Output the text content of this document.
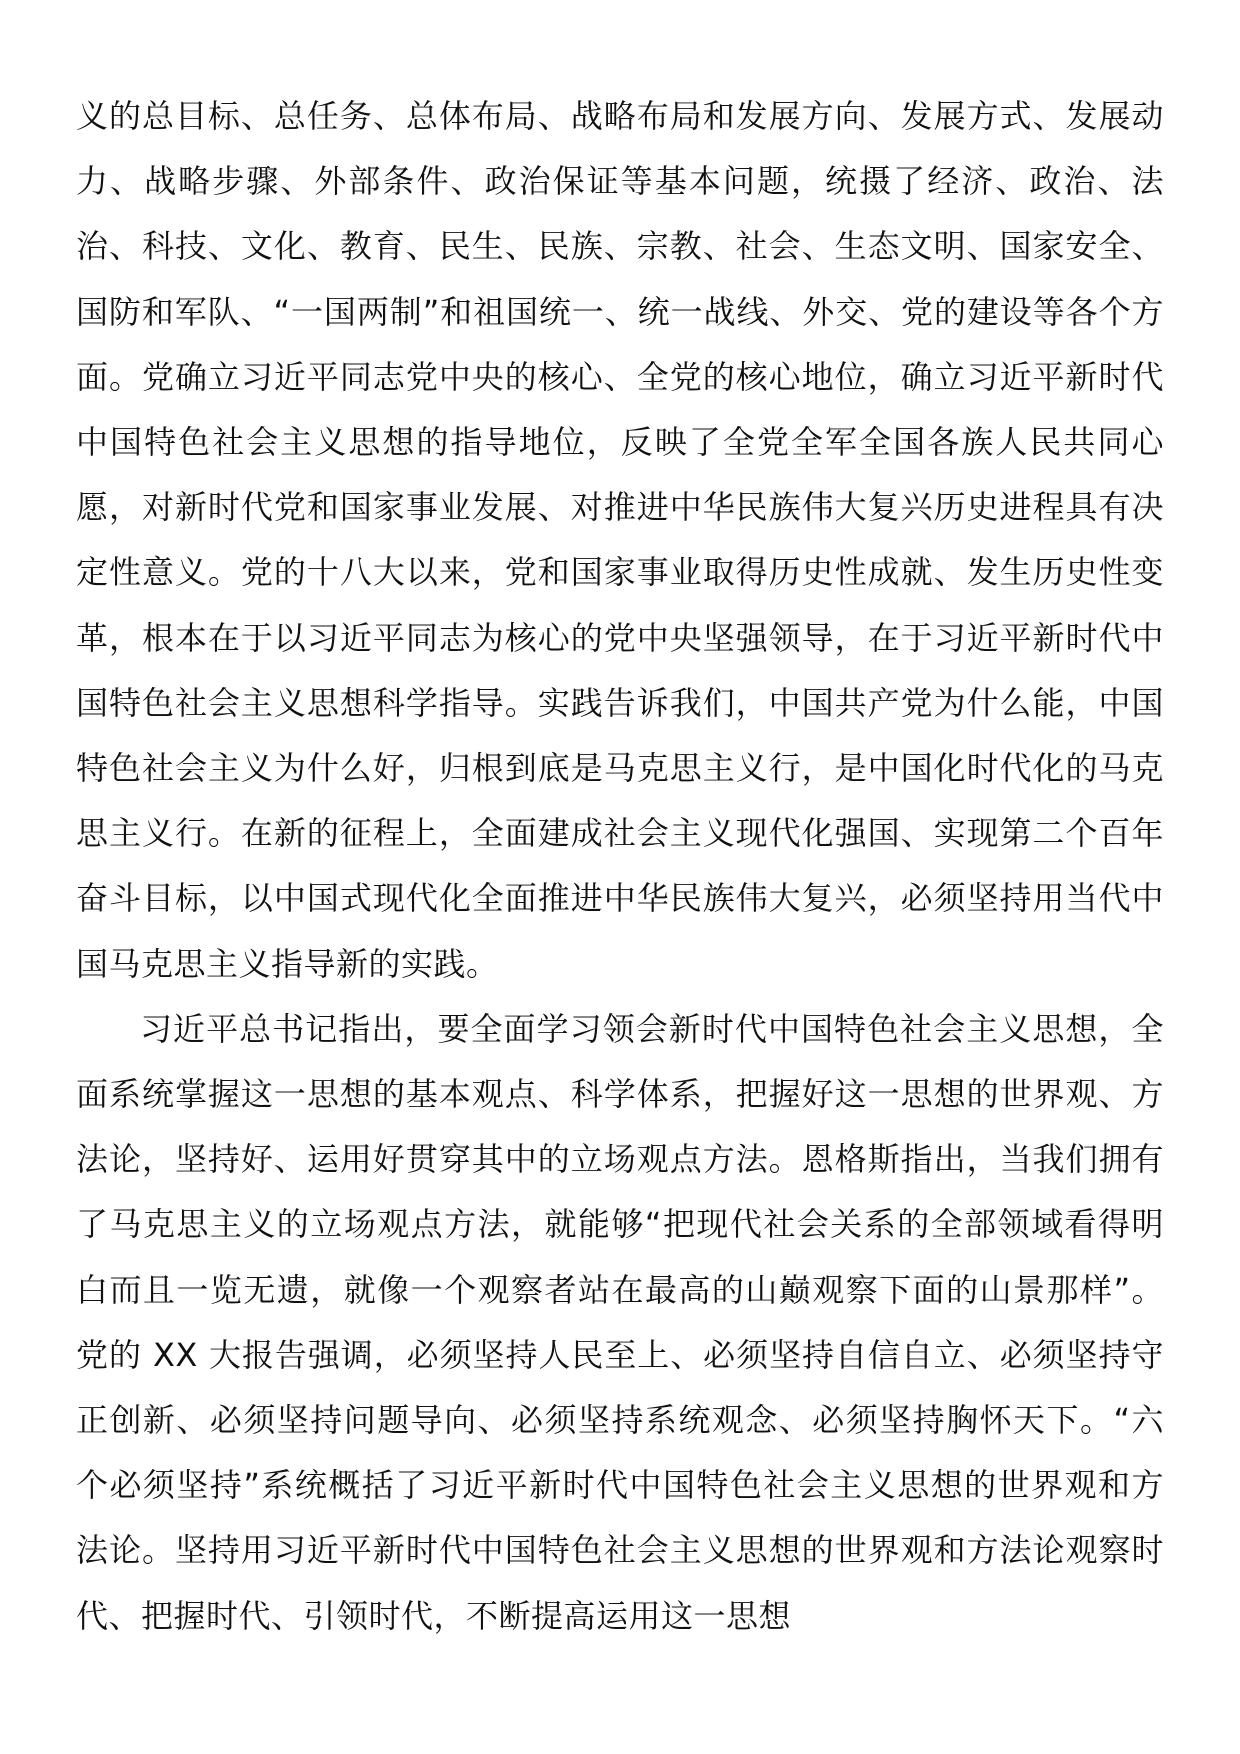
义的总目标、总任务、总体布局、战略布局和发展方向、发展方式、发展动力、战略步骤、外部条件、政治保证等基本问题，统摄了经济、政治、法治、科技、文化、教育、民生、民族、宗教、社会、生态文明、国家安全、国防和军队、“一国两制”和祖国统一、统一战线、外交、党的建设等各个方面。党确立习近平同志党中央的核心、全党的核心地位，确立习近平新时代中国特色社会主义思想的指导地位，反映了全党全军全国各族人民共同心愿，对新时代党和国家事业发展、对推进中华民族伟大复兴历史进程具有决定性意义。党的十八大以来，党和国家事业取得历史性成就、发生历史性变革，根本在于以习近平同志为核心的党中央坚强领导，在于习近平新时代中国特色社会主义思想科学指导。实践告诉我们，中国共产党为什么能，中国特色社会主义为什么好，归根到底是马克思主义行，是中国化时代化的马克思主义行。在新的征程上，全面建成社会主义现代化强国、实现第二个百年奋斗目标，以中国式现代化全面推进中华民族伟大复兴，必须坚持用当代中国马克思主义指导新的实践。

习近平总书记指出，要全面学习领会新时代中国特色社会主义思想，全面系统掌握这一思想的基本观点、科学体系，把握好这一思想的世界观、方法论，坚持好、运用好贯穿其中的立场观点方法。恩格斯指出，当我们拥有了马克思主义的立场观点方法，就能够“把现代社会关系的全部领域看得明白而且一览无遗，就像一个观察者站在最高的山巅观察下面的山景那样”。党的 XX 大报告强调，必须坚持人民至上、必须坚持自信自立、必须坚持守正创新、必须坚持问题导向、必须坚持系统观念、必须坚持胸怀天下。“六个必须坚持”系统概括了习近平新时代中国特色社会主义思想的世界观和方法论。坚持用习近平新时代中国特色社会主义思想的世界观和方法论观察时代、把握时代、引领时代，不断提高运用这一思想
